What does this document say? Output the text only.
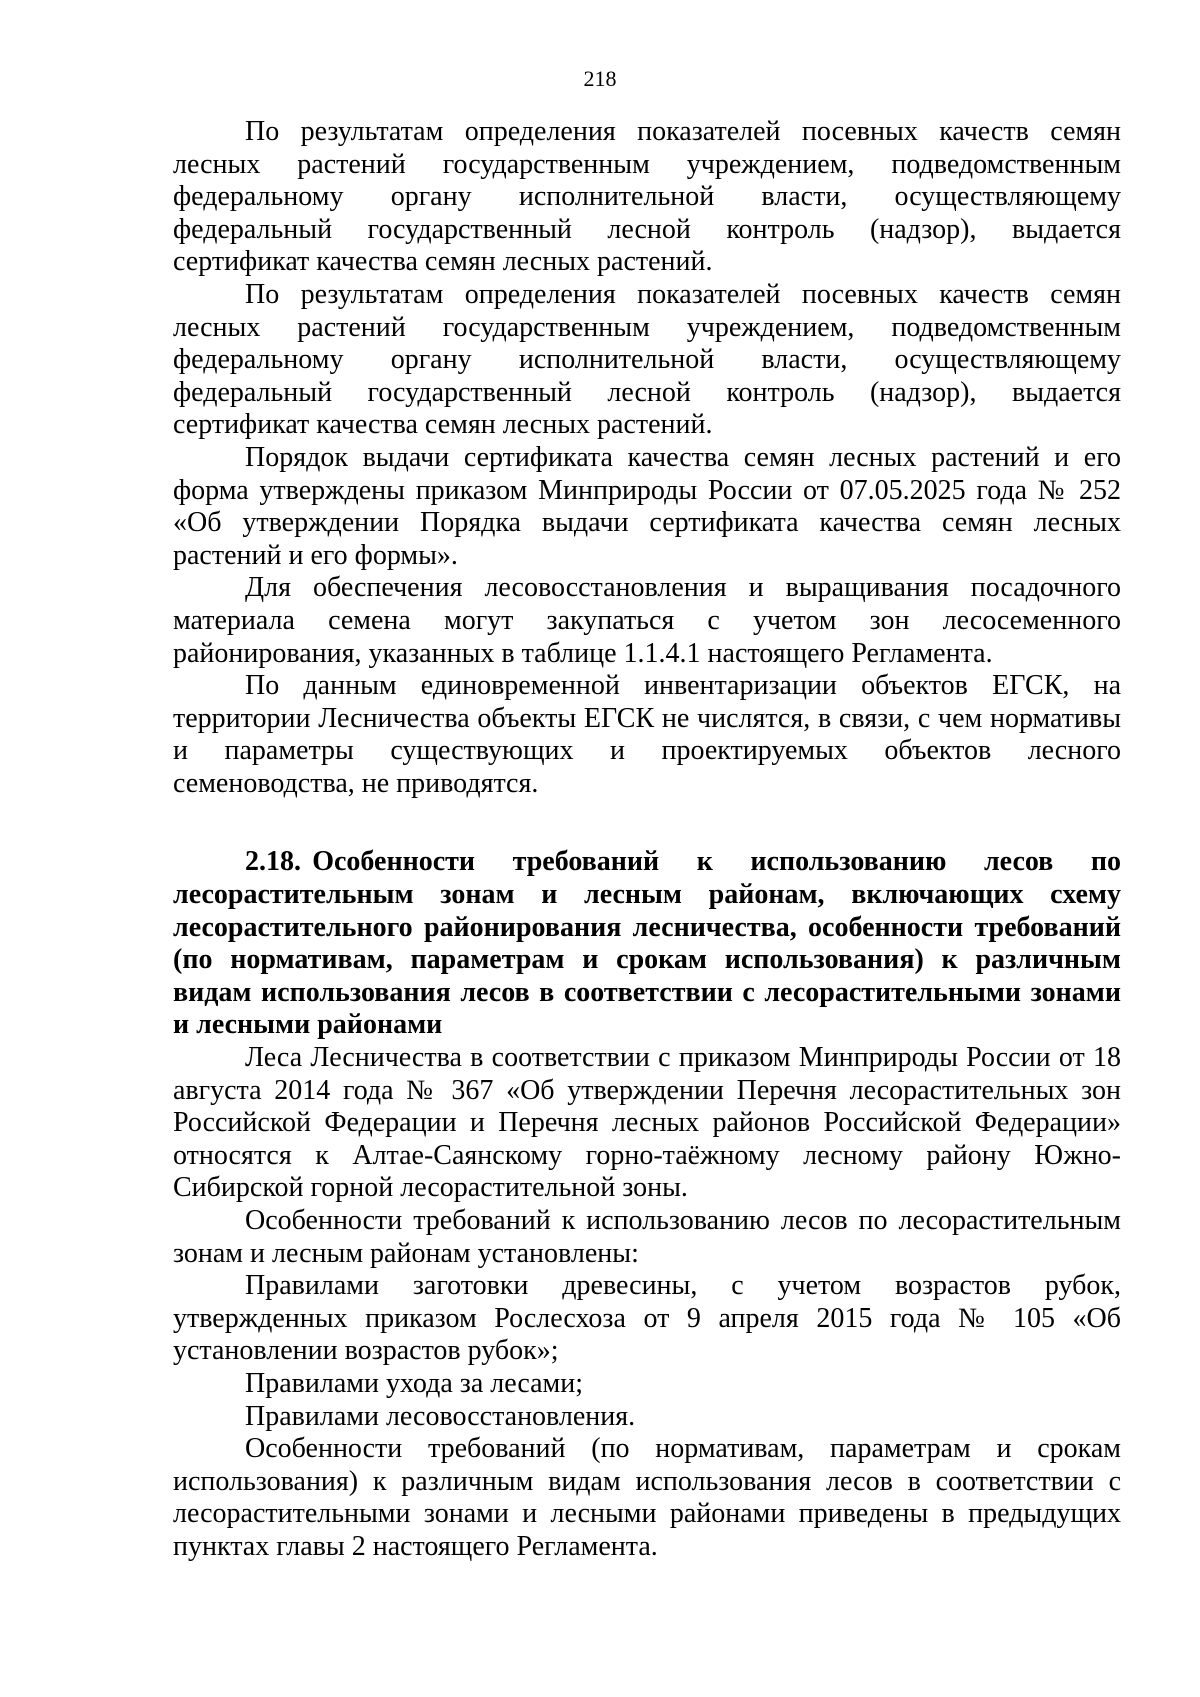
218

По результатам определения показателей посевных качеств семян лесных растений государственным учреждением, подведомственным федеральному органу исполнительной власти, осуществляющему федеральный государственный лесной контроль (надзор), выдается сертификат качества семян лесных растений.

По результатам определения показателей посевных качеств семян лесных растений государственным учреждением, подведомственным федеральному органу исполнительной власти, осуществляющему федеральный государственный лесной контроль (надзор), выдается сертификат качества семян лесных растений.

Порядок выдачи сертификата качества семян лесных растений и его форма утверждены приказом Минприроды России от 07.05.2025 года № 252 «Об утверждении Порядка выдачи сертификата качества семян лесных растений и его формы».

Для обеспечения лесовосстановления и выращивания посадочного материала семена могут закупаться с учетом зон лесосеменного районирования, указанных в таблице 1.1.4.1 настоящего Регламента.

По данным единовременной инвентаризации объектов ЕГСК, на территории Лесничества объекты ЕГСК не числятся, в связи, с чем нормативы и параметры существующих и проектируемых объектов лесного семеноводства, не приводятся.

2.18. Особенности требований к использованию лесов по лесорастительным зонам и лесным районам, включающих схему лесорастительного районирования лесничества, особенности требований (по нормативам, параметрам и срокам использования) к различным видам использования лесов в соответствии с лесорастительными зонами и лесными районами

Леса Лесничества в соответствии с приказом Минприроды России от 18 августа 2014 года № 367 «Об утверждении Перечня лесорастительных зон Российской Федерации и Перечня лесных районов Российской Федерации» относятся к Алтае-Саянскому горно-таёжному лесному району Южно-Сибирской горной лесорастительной зоны.

Особенности требований к использованию лесов по лесорастительным зонам и лесным районам установлены:

Правилами заготовки древесины, с учетом возрастов рубок, утвержденных приказом Рослесхоза от 9 апреля 2015 года № 105 «Об установлении возрастов рубок»;

Правилами ухода за лесами;

Правилами лесовосстановления.

Особенности требований (по нормативам, параметрам и срокам использования) к различным видам использования лесов в соответствии с лесорастительными зонами и лесными районами приведены в предыдущих пунктах главы 2 настоящего Регламента.
